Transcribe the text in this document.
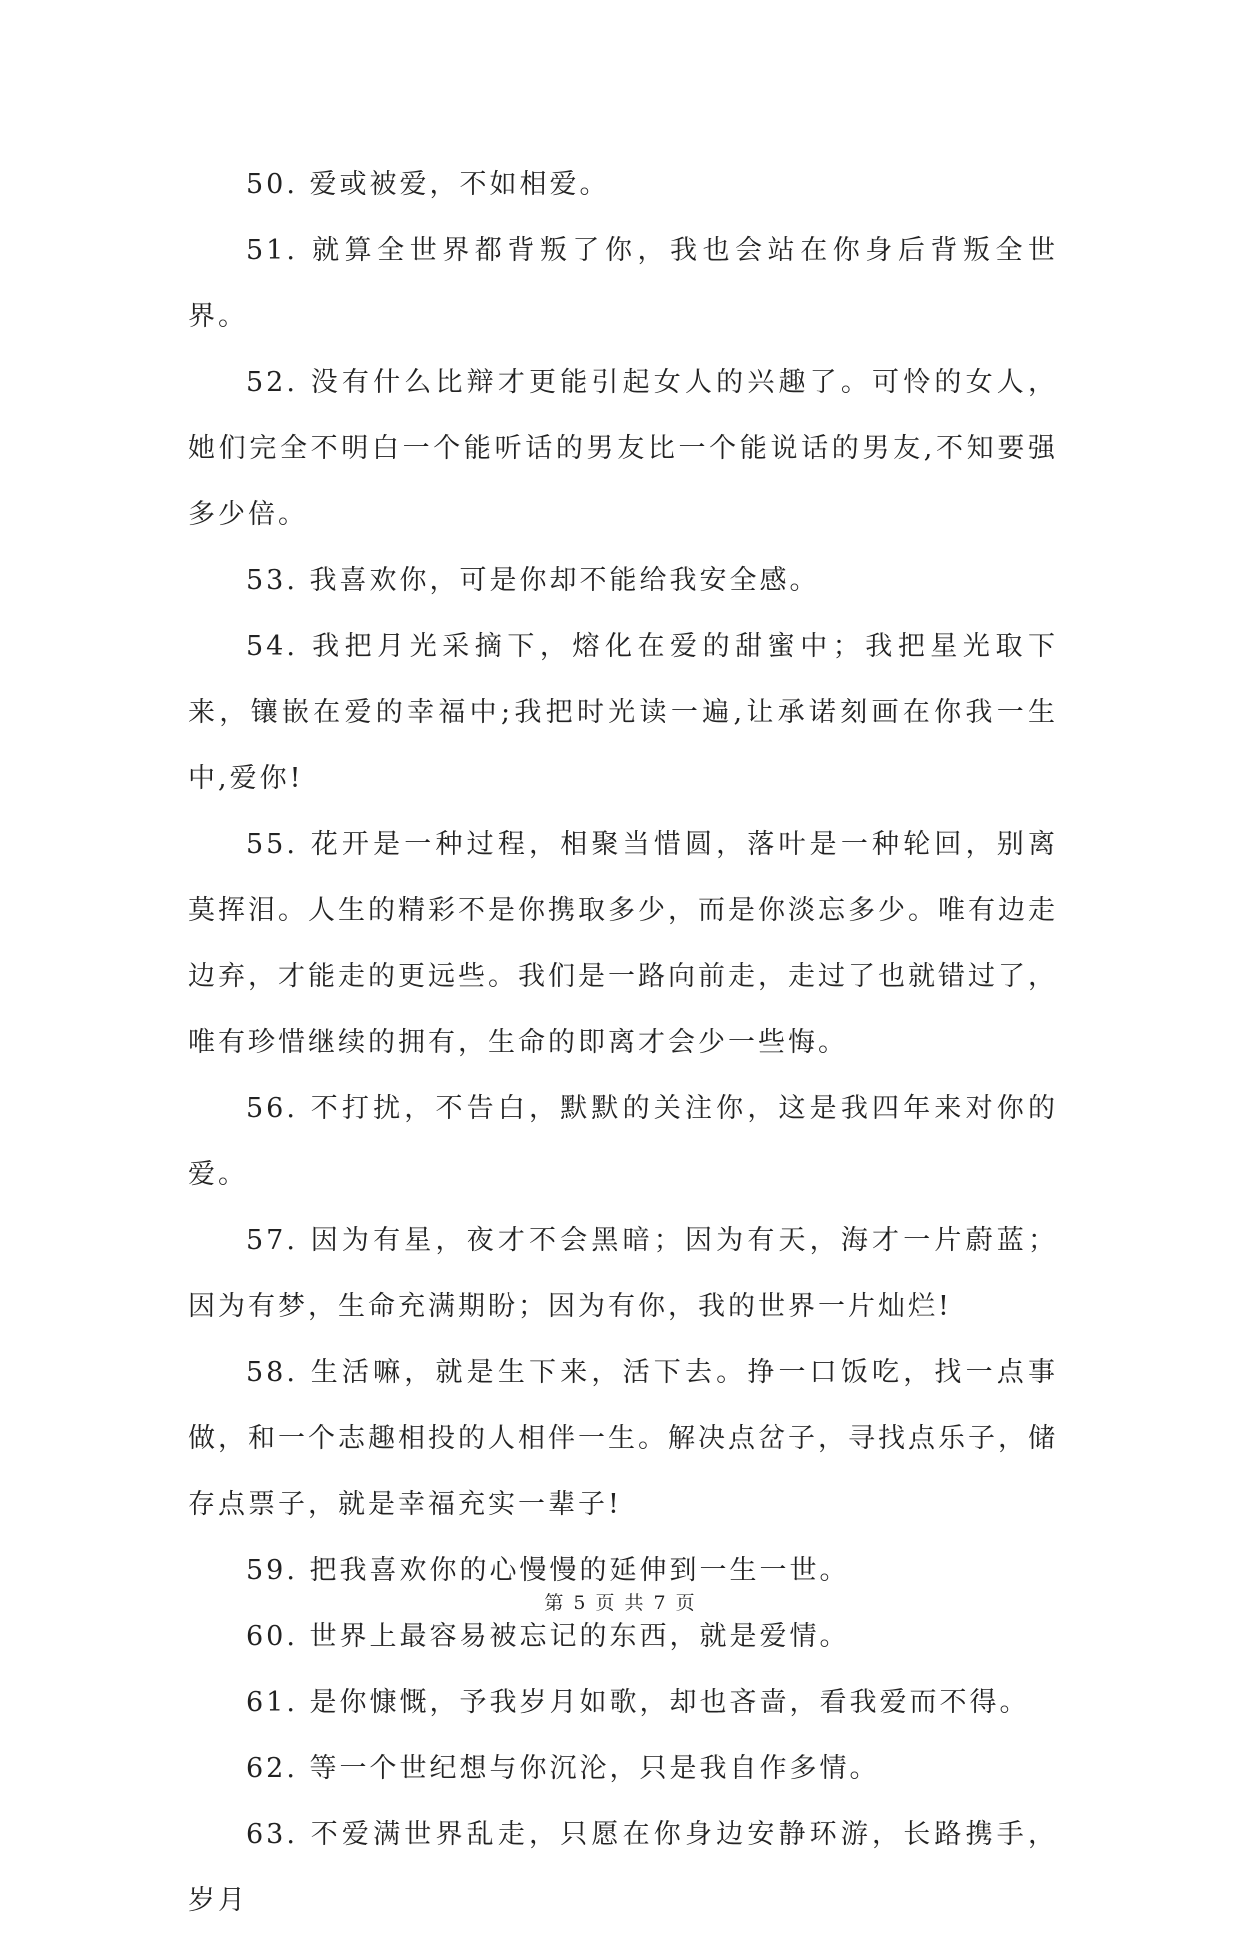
50. 爱或被爱，不如相爱。

51. 就算全世界都背叛了你，我也会站在你身后背叛全世界。

52. 没有什么比辩才更能引起女人的兴趣了。可怜的女人，她们完全不明白一个能听话的男友比一个能说话的男友,不知要强多少倍。

53. 我喜欢你，可是你却不能给我安全感。

54. 我把月光采摘下，熔化在爱的甜蜜中；我把星光取下来，镶嵌在爱的幸福中;我把时光读一遍,让承诺刻画在你我一生中,爱你!

55. 花开是一种过程，相聚当惜圆，落叶是一种轮回，别离莫挥泪。人生的精彩不是你携取多少，而是你淡忘多少。唯有边走边弃，才能走的更远些。我们是一路向前走，走过了也就错过了，唯有珍惜继续的拥有，生命的即离才会少一些悔。

56. 不打扰，不告白，默默的关注你，这是我四年来对你的爱。

57. 因为有星，夜才不会黑暗；因为有天，海才一片蔚蓝；因为有梦，生命充满期盼；因为有你，我的世界一片灿烂!

58. 生活嘛，就是生下来，活下去。挣一口饭吃，找一点事做，和一个志趣相投的人相伴一生。解决点岔子，寻找点乐子，储存点票子，就是幸福充实一辈子!

59. 把我喜欢你的心慢慢的延伸到一生一世。

60. 世界上最容易被忘记的东西，就是爱情。

61. 是你慷慨，予我岁月如歌，却也吝啬，看我爱而不得。

62. 等一个世纪想与你沉沦，只是我自作多情。

63. 不爱满世界乱走，只愿在你身边安静环游，长路携手，岁月

第 5 页 共 7 页
